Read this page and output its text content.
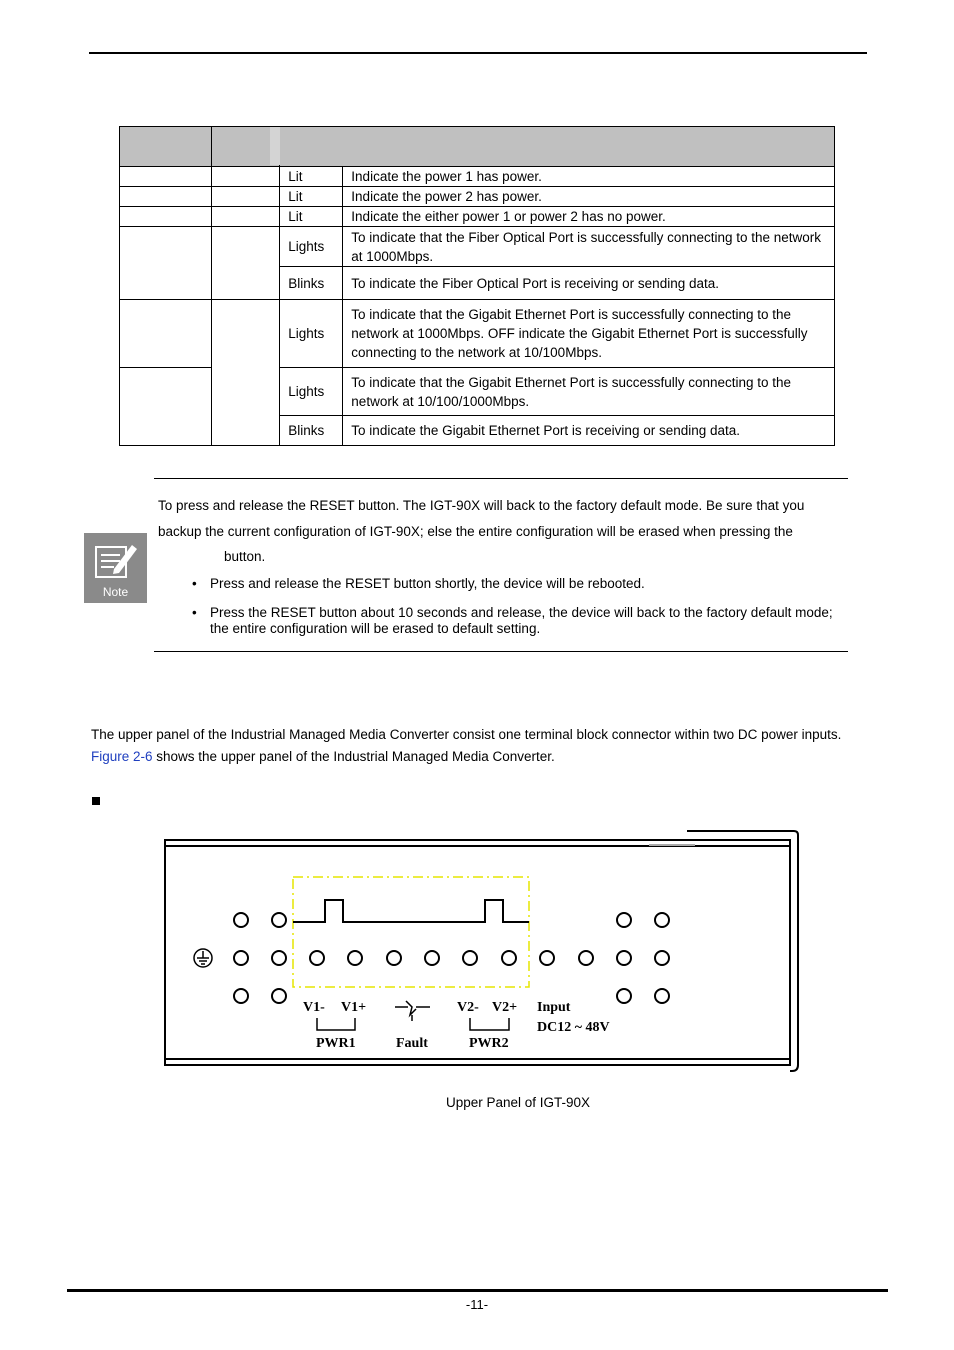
		Lit	Indicate the power 1 has power.
		Lit	Indicate the power 2 has power.
		Lit	Indicate the either power 1 or power 2 has no power.
		Lights	To indicate that the Fiber Optical Port is successfully connecting to the network at 1000Mbps.
		Blinks	To indicate the Fiber Optical Port is receiving or sending data.
		Lights	To indicate that the Gigabit Ethernet Port is successfully connecting to the network at 1000Mbps. OFF indicate the Gigabit Ethernet Port is successfully connecting to the network at 10/100Mbps.
		Lights	To indicate that the Gigabit Ethernet Port is successfully connecting to the network at 10/100/1000Mbps.
		Blinks	To indicate the Gigabit Ethernet Port is receiving or sending data.
Note
To press and release the RESET button. The IGT-90X will back to the factory default mode. Be sure that you backup the current configuration of IGT-90X; else the entire configuration will be erased when pressing the
button.
• Press and release the RESET button shortly, the device will be rebooted.
• Press the RESET button about 10 seconds and release, the device will back to the factory default mode; the entire configuration will be erased to default setting.
The upper panel of the Industrial Managed Media Converter consist one terminal block connector within two DC power inputs. Figure 2-6 shows the upper panel of the Industrial Managed Media Converter.
V1- V1+	V2- V2+ Input
DC12 ~ 48V
PWR1	Fault	PWR2
Upper Panel of IGT-90X
-11-
